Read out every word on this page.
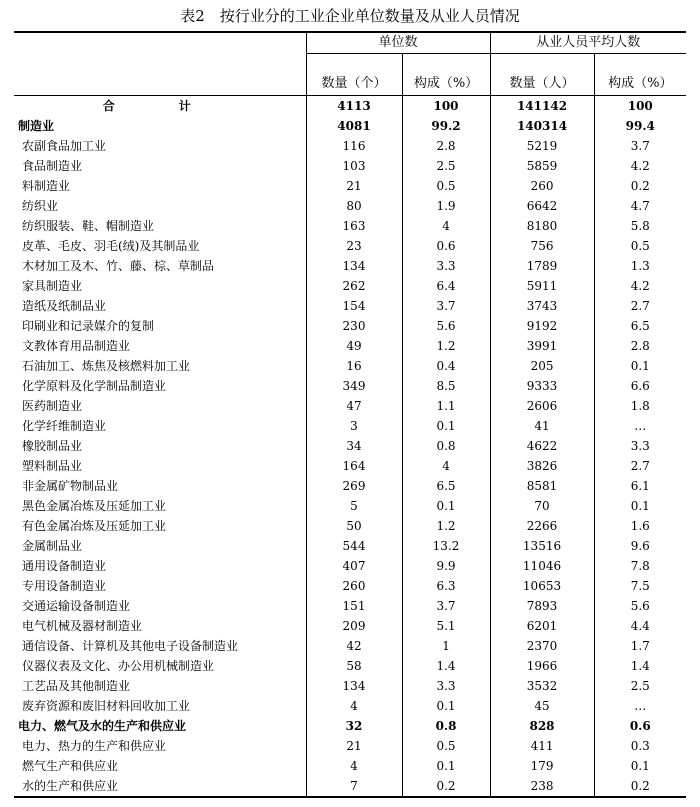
表2　按行业分的工业企业单位数量及从业人员情况
	单位数		从业人员平均人数	
	数量（个）	构成（%）	数量（人）	构成（%）
合　计	4113	100	141142	100
制造业	4081	99.2	140314	99.4
农副食品加工业	116	2.8	5219	3.7
食品制造业	103	2.5	5859	4.2
料制造业	21	0.5	260	0.2
纺织业	80	1.9	6642	4.7
纺织服装、鞋、帽制造业	163	4	8180	5.8
皮革、毛皮、羽毛(绒)及其制品业	23	0.6	756	0.5
木材加工及木、竹、藤、棕、草制品	134	3.3	1789	1.3
家具制造业	262	6.4	5911	4.2
造纸及纸制品业	154	3.7	3743	2.7
印刷业和记录媒介的复制	230	5.6	9192	6.5
文教体育用品制造业	49	1.2	3991	2.8
石油加工、炼焦及核燃料加工业	16	0.4	205	0.1
化学原料及化学制品制造业	349	8.5	9333	6.6
医药制造业	47	1.1	2606	1.8
化学纤维制造业	3	0.1	41	…
橡胶制品业	34	0.8	4622	3.3
塑料制品业	164	4	3826	2.7
非金属矿物制品业	269	6.5	8581	6.1
黑色金属冶炼及压延加工业	5	0.1	70	0.1
有色金属冶炼及压延加工业	50	1.2	2266	1.6
金属制品业	544	13.2	13516	9.6
通用设备制造业	407	9.9	11046	7.8
专用设备制造业	260	6.3	10653	7.5
交通运输设备制造业	151	3.7	7893	5.6
电气机械及器材制造业	209	5.1	6201	4.4
通信设备、计算机及其他电子设备制造业	42	1	2370	1.7
仪器仪表及文化、办公用机械制造业	58	1.4	1966	1.4
工艺品及其他制造业	134	3.3	3532	2.5
废弃资源和废旧材料回收加工业	4	0.1	45	…
电力、燃气及水的生产和供应业	32	0.8	828	0.6
电力、热力的生产和供应业	21	0.5	411	0.3
燃气生产和供应业	4	0.1	179	0.1
水的生产和供应业	7	0.2	238	0.2
